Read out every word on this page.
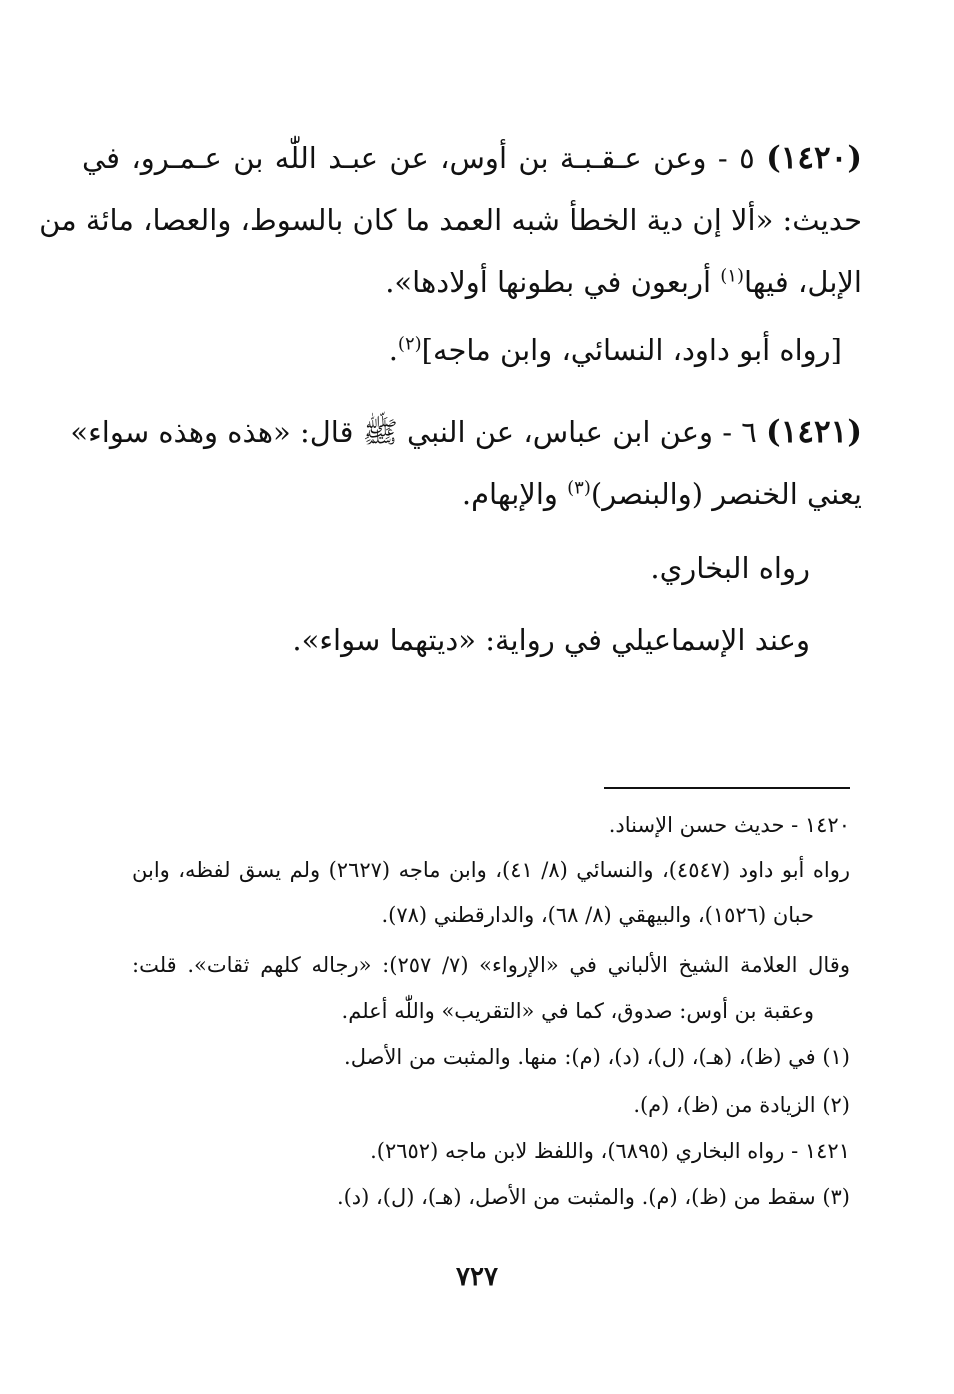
(١٤٢٠) ٥ - وعن عـقـبـة بن أوس، عن عبـد اللّٰه بن عـمـرو، في
حديث: «ألا إن دية الخطأ شبه العمد ما كان بالسوط، والعصا، مائة من
الإبل، فيها$^{(١)}$ أربعون في بطونها أولادها».
[رواه أبو داود، النسائي، وابن ماجه]$^{(٢)}$.
(١٤٢١) ٦ - وعن ابن عباس، عن النبي ﷺ قال: «هذه وهذه سواء»
يعني الخنصر (والبنصر)$^{(٣)}$ والإبهام.
رواه البخاري.
وعند الإسماعيلي في رواية: «ديتهما سواء».
١٤٢٠ - حديث حسن الإسناد.
رواه أبو داود (٤٥٤٧)، والنسائي (٨/ ٤١)، وابن ماجه (٢٦٢٧) ولم يسق لفظه، وابن
حبان (١٥٢٦)، والبيهقي (٨/ ٦٨)، والدارقطني (٧٨).
وقال العلامة الشيخ الألباني في «الإرواء» (٧/ ٢٥٧): «رجاله كلهم ثقات». قلت:
وعقبة بن أوس: صدوق، كما في «التقريب» واللّٰه أعلم.
(١) في (ظ)، (هـ)، (ل)، (د)، (م): منها. والمثبت من الأصل.
(٢) الزيادة من (ظ)، (م).
١٤٢١ - رواه البخاري (٦٨٩٥)، واللفظ لابن ماجه (٢٦٥٢).
(٣) سقط من (ظ)، (م). والمثبت من الأصل، (هـ)، (ل)، (د).
٧٢٧
